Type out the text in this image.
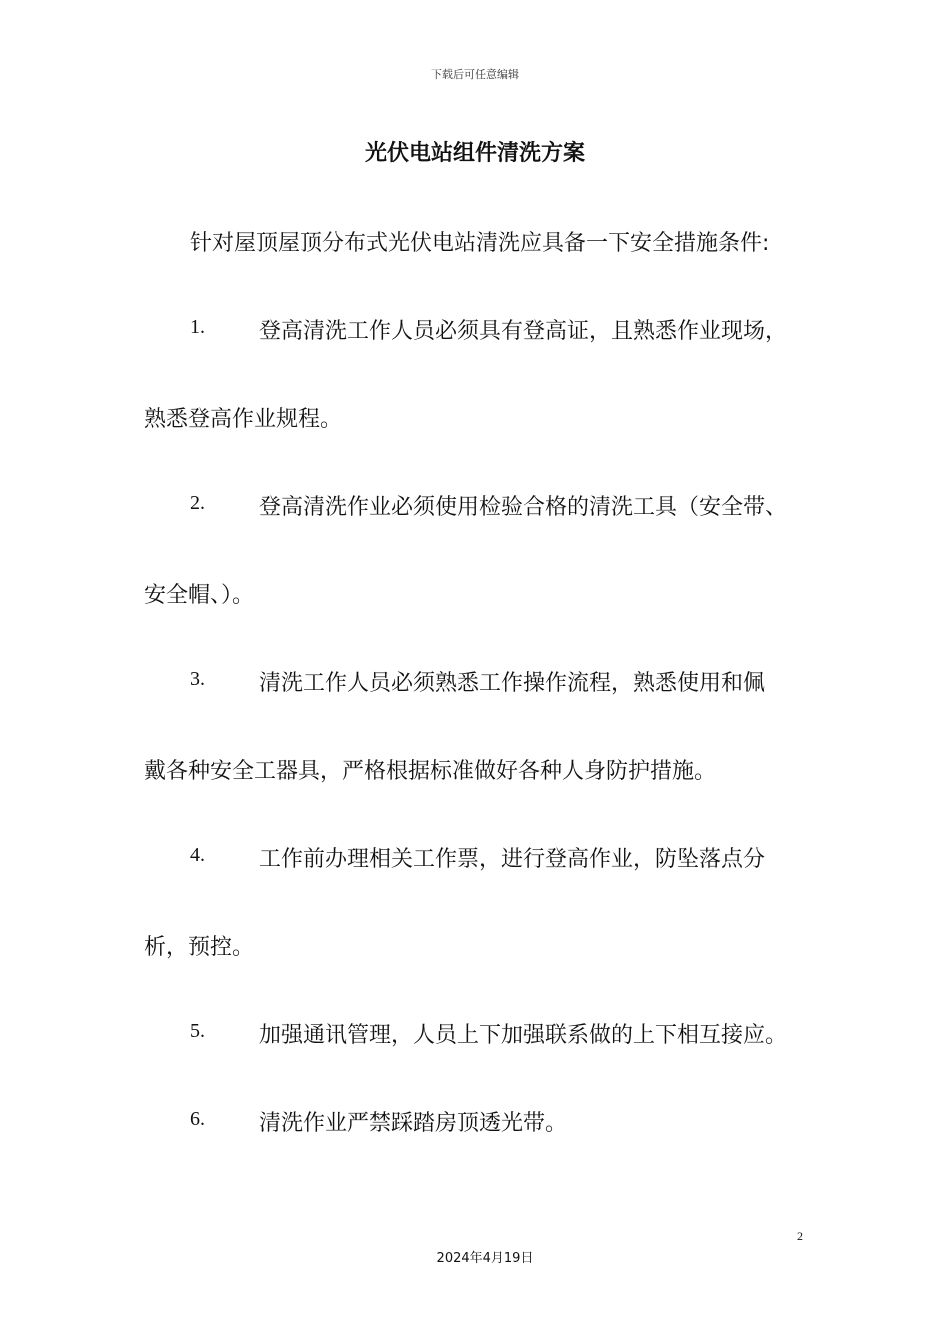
下载后可任意编辑
光伏电站组件清洗方案
针对屋顶屋顶分布式光伏电站清洗应具备一下安全措施条件:
1. 登高清洗工作人员必须具有登高证，且熟悉作业现场，
熟悉登高作业规程。
2. 登高清洗作业必须使用检验合格的清洗工具（安全带、
安全帽、）。
3. 清洗工作人员必须熟悉工作操作流程，熟悉使用和佩
戴各种安全工器具，严格根据标准做好各种人身防护措施。
4. 工作前办理相关工作票，进行登高作业，防坠落点分
析，预控。
5. 加强通讯管理，人员上下加强联系做的上下相互接应。
6. 清洗作业严禁踩踏房顶透光带。
2
2024年4月19日
